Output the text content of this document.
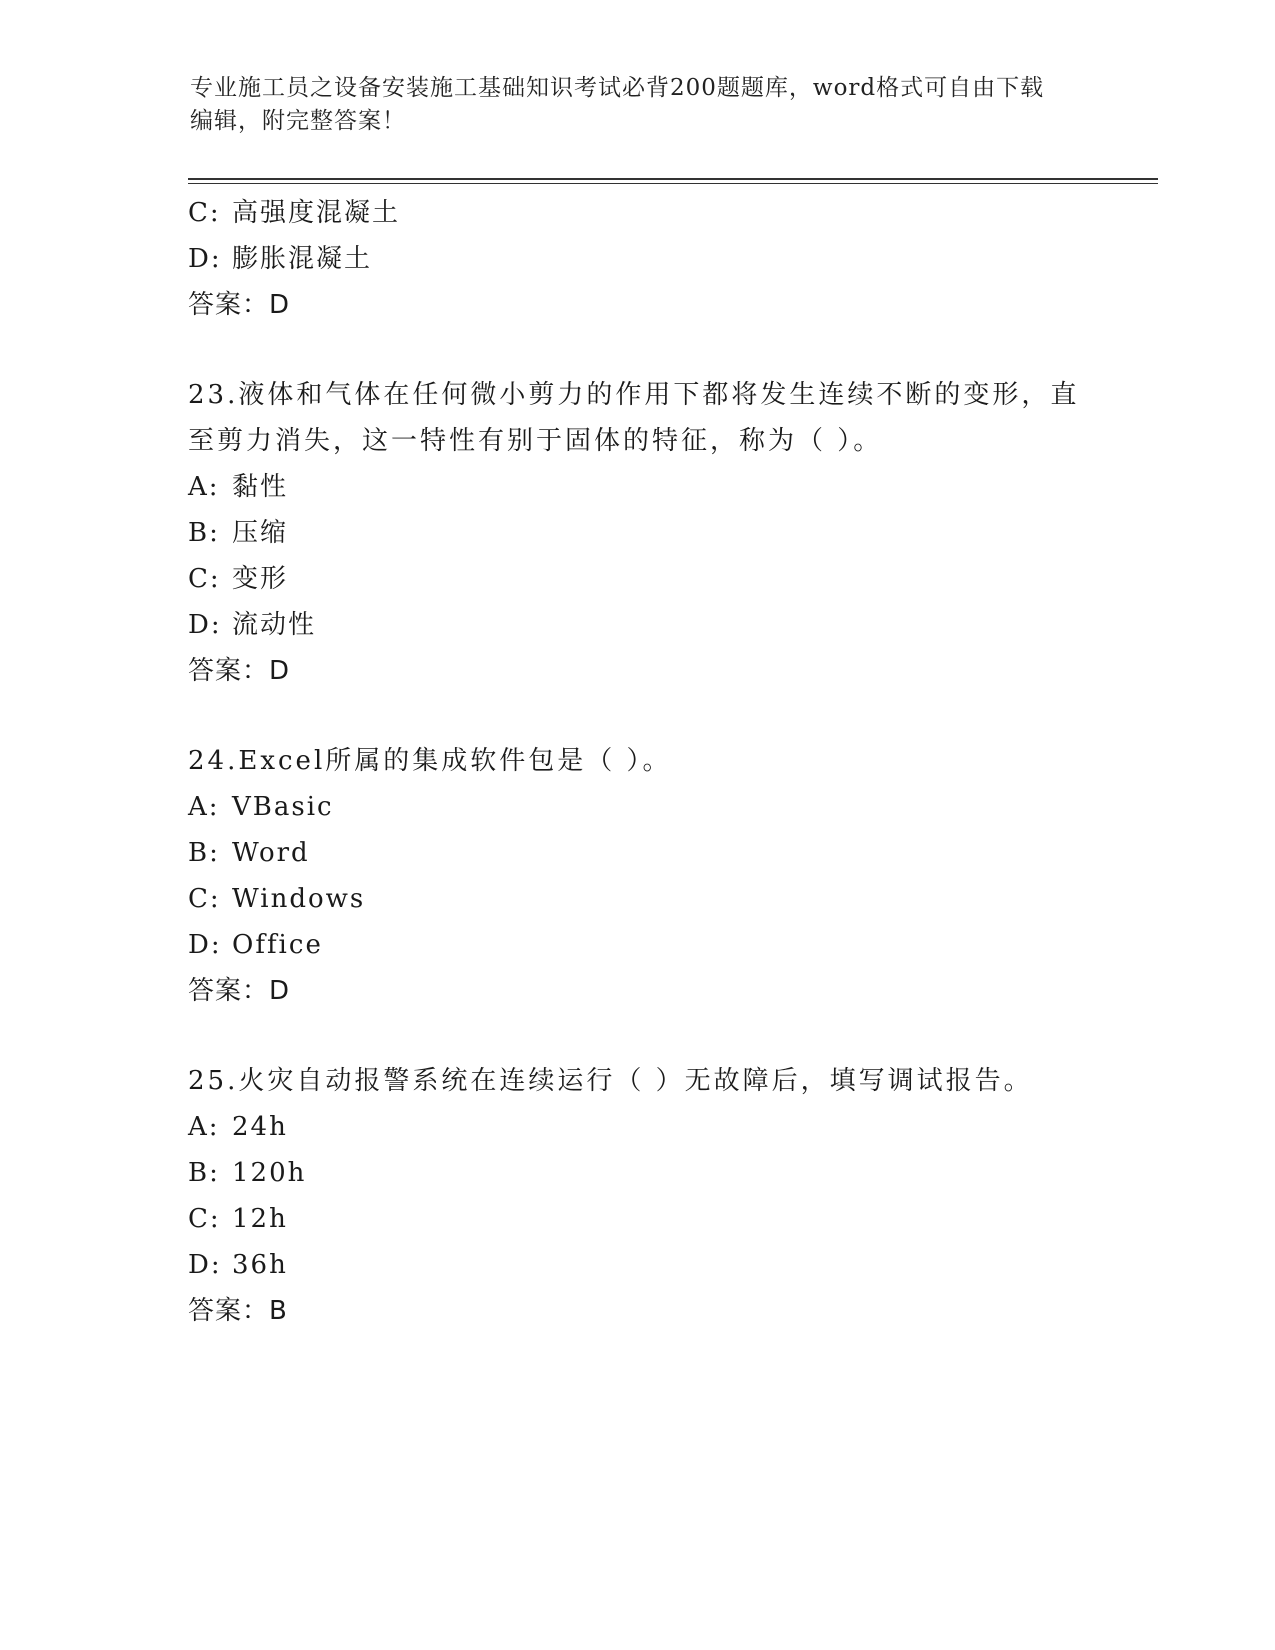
专业施工员之设备安装施工基础知识考试必背200题题库，word格式可自由下载
编辑，附完整答案！
C: 高强度混凝土
D: 膨胀混凝土
答案：D
23.液体和气体在任何微小剪力的作用下都将发生连续不断的变形，直
至剪力消失，这一特性有别于固体的特征，称为（ ）。
A: 黏性
B: 压缩
C: 变形
D: 流动性
答案：D
24.Excel所属的集成软件包是（ ）。
A: VBasic
B: Word
C: Windows
D: Office
答案：D
25.火灾自动报警系统在连续运行（ ）无故障后，填写调试报告。
A: 24h
B: 120h
C: 12h
D: 36h
答案：B
